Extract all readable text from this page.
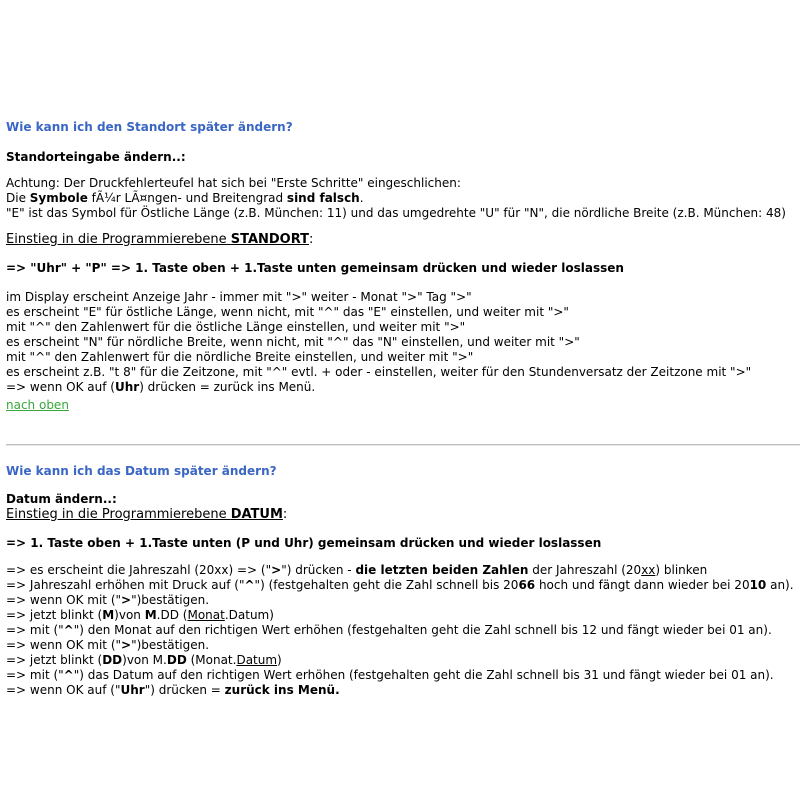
Wie kann ich den Standort später ändern?
Standorteingabe ändern..:
Achtung: Der Druckfehlerteufel hat sich bei "Erste Schritte" eingeschlichen:
Die Symbole fÃ¼r LÃ¤ngen- und Breitengrad sind falsch.
"E" ist das Symbol für Östliche Länge (z.B. München: 11) und das umgedrehte "U" für "N", die nördliche Breite (z.B. München: 48)
Einstieg in die Programmierebene STANDORT:
=> "Uhr" + "P" => 1. Taste oben + 1.Taste unten gemeinsam drücken und wieder loslassen
im Display erscheint Anzeige Jahr - immer mit ">" weiter - Monat ">" Tag ">"
es erscheint "E" für östliche Länge, wenn nicht, mit "^" das "E" einstellen, und weiter mit ">"
mit "^" den Zahlenwert für die östliche Länge einstellen, und weiter mit ">"
es erscheint "N" für nördliche Breite, wenn nicht, mit "^" das "N" einstellen, und weiter mit ">"
mit "^" den Zahlenwert für die nördliche Breite einstellen, und weiter mit ">"
es erscheint z.B. "t 8" für die Zeitzone, mit "^" evtl. + oder - einstellen, weiter für den Stundenversatz der Zeitzone mit ">"
=> wenn OK auf (Uhr) drücken = zurück ins Menü.
nach oben
Wie kann ich das Datum später ändern?
Datum ändern..:
Einstieg in die Programmierebene DATUM:
=> 1. Taste oben + 1.Taste unten (P und Uhr) gemeinsam drücken und wieder loslassen
=> es erscheint die Jahreszahl (20xx) => (">") drücken - die letzten beiden Zahlen der Jahreszahl (20xx) blinken
=> Jahreszahl erhöhen mit Druck auf ("^") (festgehalten geht die Zahl schnell bis 2066 hoch und fängt dann wieder bei 2010 an).
=> wenn OK mit (">")bestätigen.
=> jetzt blinkt (M)von M.DD (Monat.Datum)
=> mit ("^") den Monat auf den richtigen Wert erhöhen (festgehalten geht die Zahl schnell bis 12 und fängt wieder bei 01 an).
=> wenn OK mit (">")bestätigen.
=> jetzt blinkt (DD)von M.DD (Monat.Datum)
=> mit ("^") das Datum auf den richtigen Wert erhöhen (festgehalten geht die Zahl schnell bis 31 und fängt wieder bei 01 an).
=> wenn OK auf ("Uhr") drücken = zurück ins Menü.
